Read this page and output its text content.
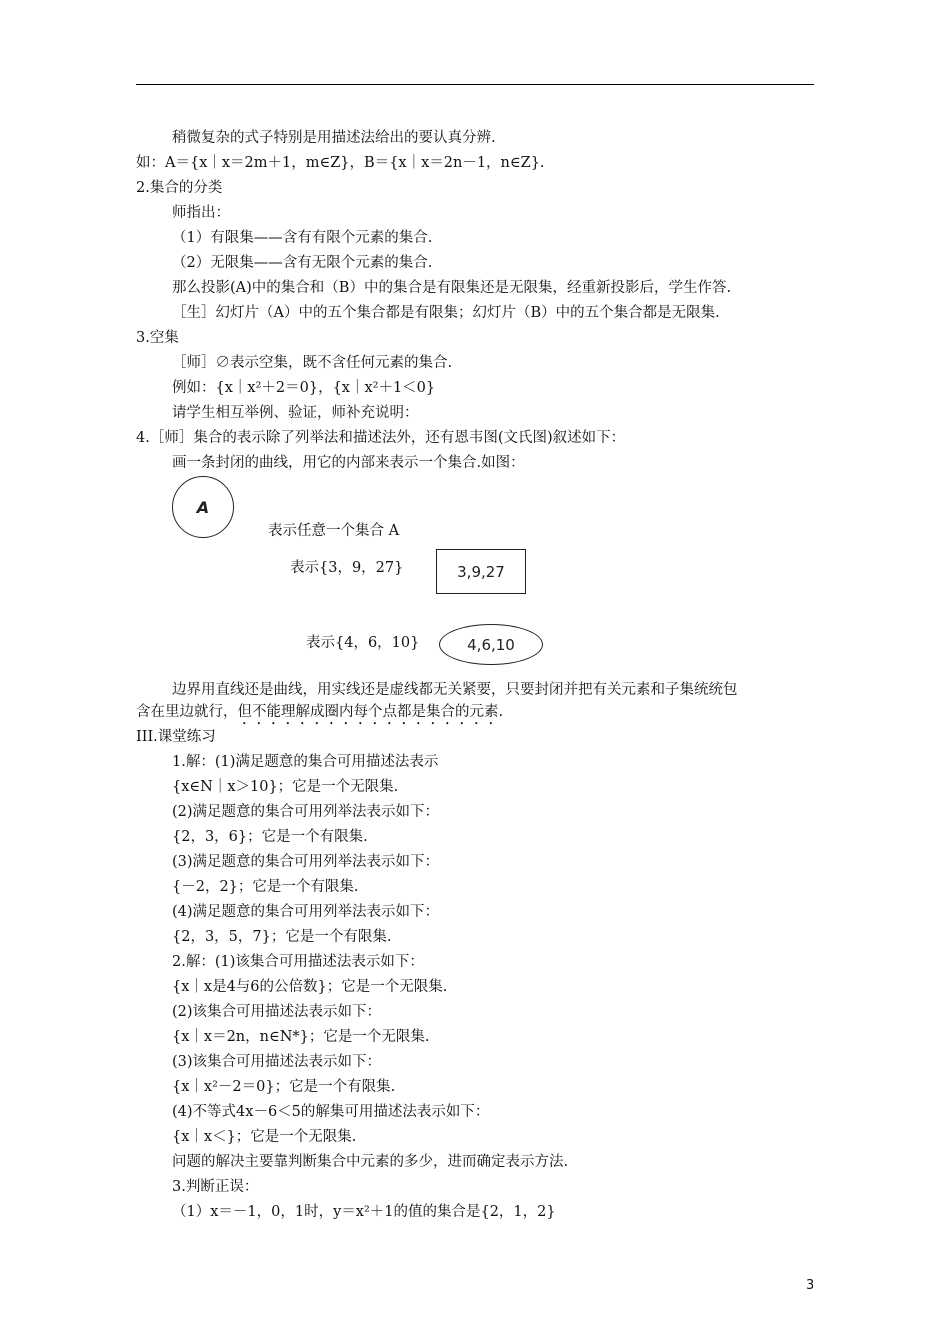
稍微复杂的式子特别是用描述法给出的要认真分辨.
如：A＝{x｜x＝2m＋1，m∈Z}，B＝{x｜x＝2n－1，n∈Z}.
2.集合的分类
师指出：
（1）有限集——含有有限个元素的集合.
（2）无限集——含有无限个元素的集合.
那么投影(A)中的集合和（B）中的集合是有限集还是无限集，经重新投影后，学生作答.
［生］幻灯片（A）中的五个集合都是有限集；幻灯片（B）中的五个集合都是无限集.
3.空集
［师］∅表示空集，既不含任何元素的集合.
例如：{x｜x²＋2＝0}，{x｜x²＋1＜0}
请学生相互举例、验证，师补充说明：
4.［师］集合的表示除了列举法和描述法外，还有恩韦图(文氏图)叙述如下：
画一条封闭的曲线，用它的内部来表示一个集合.如图：
A
表示任意一个集合 A
表示{3，9，27}	3,9,27
表示{4，6，10}	4,6,10
边界用直线还是曲线，用实线还是虚线都无关紧要，只要封闭并把有关元素和子集统统包
含在里边就行，但不能理解成圈内每个点都是集合的元素.
III.课堂练习
1.解：(1)满足题意的集合可用描述法表示
{x∈N｜x＞10}；它是一个无限集.
(2)满足题意的集合可用列举法表示如下：
{2，3，6}；它是一个有限集.
(3)满足题意的集合可用列举法表示如下：
{－2，2}；它是一个有限集.
(4)满足题意的集合可用列举法表示如下：
{2，3，5，7}；它是一个有限集.
2.解：(1)该集合可用描述法表示如下：
{x｜x是4与6的公倍数}；它是一个无限集.
(2)该集合可用描述法表示如下：
{x｜x＝2n，n∈N*}；它是一个无限集.
(3)该集合可用描述法表示如下：
{x｜x²－2＝0}；它是一个有限集.
(4)不等式4x－6＜5的解集可用描述法表示如下：
{x｜x＜}；它是一个无限集.
问题的解决主要靠判断集合中元素的多少，进而确定表示方法.
3.判断正误：
（1）x＝－1，0，1时，y＝x²＋1的值的集合是{2，1，2}
3
